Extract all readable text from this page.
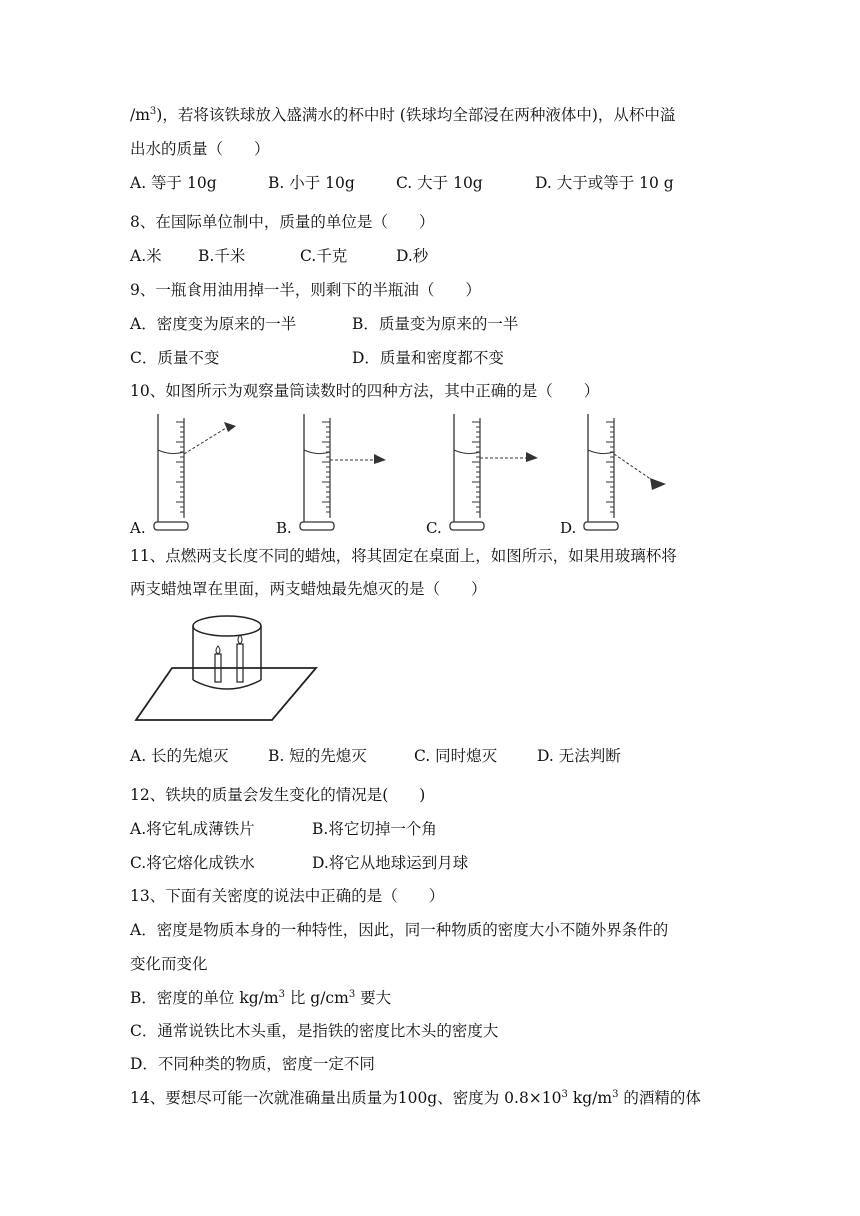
$/m^3$)，若将该铁球放入盛满水的杯中时 (铁球均全部浸在两种液体中)，从杯中溢
出水的质量（　　）
A. 等于 10g	B. 小于 10g	C. 大于 10g	D. 大于或等于 10 g
8、在国际单位制中，质量的单位是（　　）
A.米 B.千米	C.千克	D.秒
9、一瓶食用油用掉一半，则剩下的半瓶油（　　）
A．密度变为原来的一半	B．质量变为原来的一半
C．质量不变	D．质量和密度都不变
10、如图所示为观察量筒读数时的四种方法，其中正确的是（　　）
A.	B.	C.	D.
11、点燃两支长度不同的蜡烛，将其固定在桌面上，如图所示，如果用玻璃杯将
两支蜡烛罩在里面，两支蜡烛最先熄灭的是（　　）
A. 长的先熄灭	B. 短的先熄灭	C. 同时熄灭	D. 无法判断
12、铁块的质量会发生变化的情况是(　　)
A.将它轧成薄铁片	B.将它切掉一个角
C.将它熔化成铁水	D.将它从地球运到月球
13、下面有关密度的说法中正确的是（　　）
A．密度是物质本身的一种特性，因此，同一种物质的密度大小不随外界条件的
变化而变化
B．密度的单位 $kg/m^3$ 比 $g/cm^3$ 要大
C．通常说铁比木头重，是指铁的密度比木头的密度大
D．不同种类的物质，密度一定不同
14、要想尽可能一次就准确量出质量为100g、密度为 $0.8\times 10^3$ $kg/m^3$ 的酒精的体
